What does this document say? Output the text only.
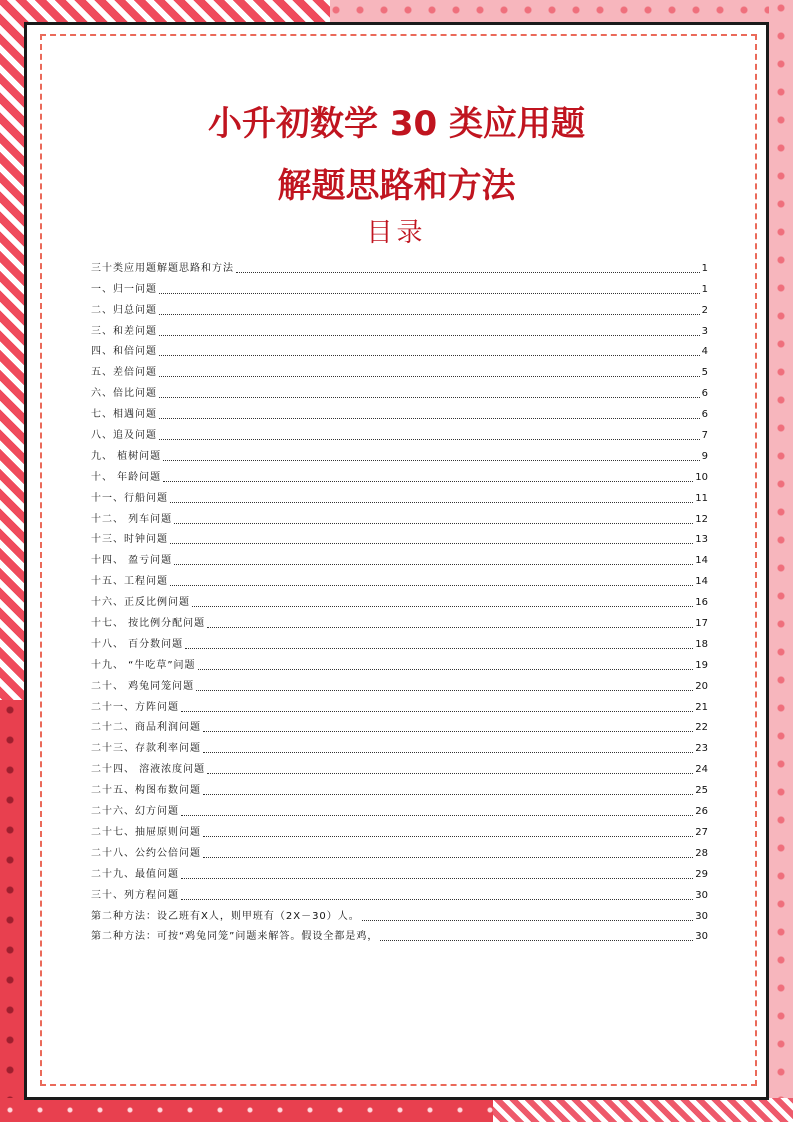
小升初数学 30 类应用题
解题思路和方法
目录
三十类应用题解题思路和方法	1
一、归一问题	1
二、归总问题	2
三、和差问题	3
四、和倍问题	4
五、差倍问题	5
六、倍比问题	6
七、相遇问题	6
八、追及问题	7
九、 植树问题	9
十、 年龄问题	10
十一、行船问题	11
十二、 列车问题	12
十三、时钟问题	13
十四、 盈亏问题	14
十五、工程问题	14
十六、正反比例问题	16
十七、 按比例分配问题	17
十八、 百分数问题	18
十九、 “牛吃草”问题	19
二十、 鸡兔同笼问题	20
二十一、方阵问题	21
二十二、商品利润问题	22
二十三、存款利率问题	23
二十四、 溶液浓度问题	24
二十五、构图布数问题	25
二十六、幻方问题	26
二十七、抽屉原则问题	27
二十八、公约公倍问题	28
二十九、最值问题	29
三十、列方程问题	30
第二种方法：设乙班有X人，则甲班有（2X－30）人。	30
第二种方法：可按“鸡兔同笼”问题来解答。假设全都是鸡，	30
